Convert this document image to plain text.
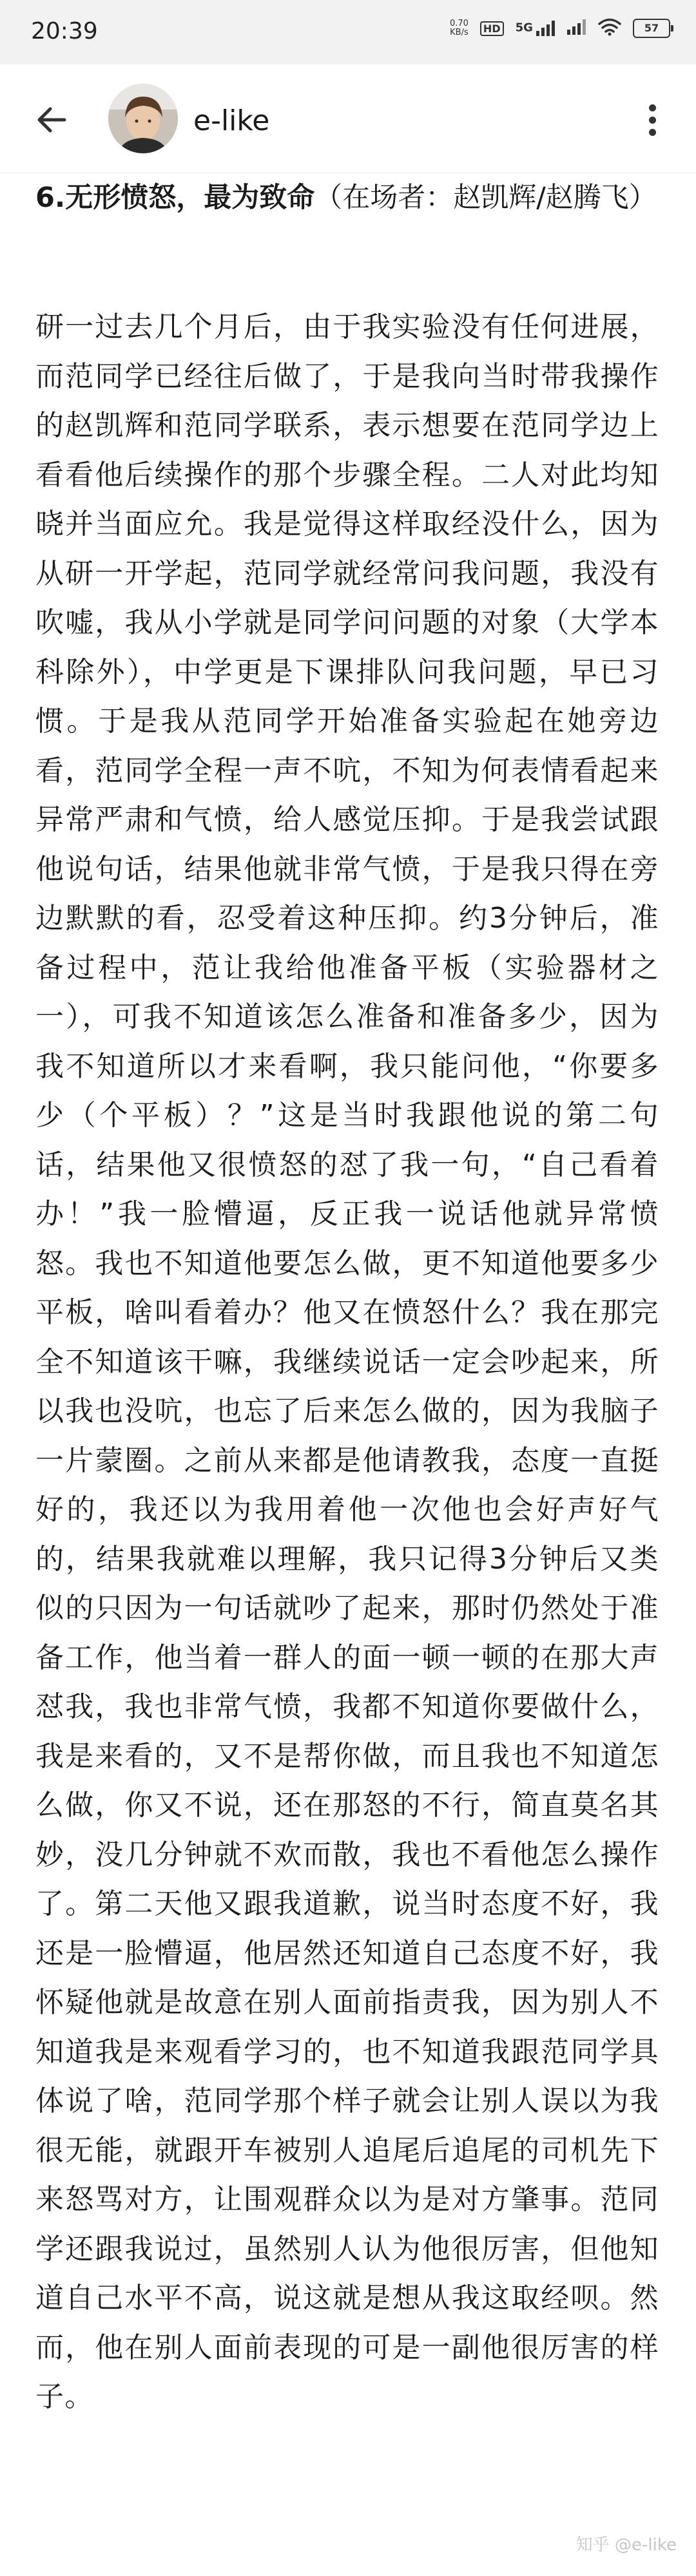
20:39	0.70
KB/s	HD 5G	57
e-like

6.无形愤怒，最为致命（在场者：赵凯辉/赵腾飞）

研一过去几个月后，由于我实验没有任何进展，而范同学已经往后做了，于是我向当时带我操作的赵凯辉和范同学联系，表示想要在范同学边上看看他后续操作的那个步骤全程。二人对此均知晓并当面应允。我是觉得这样取经没什么，因为从研一开学起，范同学就经常问我问题，我没有吹嘘，我从小学就是同学问问题的对象（大学本科除外），中学更是下课排队问我问题，早已习惯。于是我从范同学开始准备实验起在她旁边看，范同学全程一声不吭，不知为何表情看起来异常严肃和气愤，给人感觉压抑。于是我尝试跟他说句话，结果他就非常气愤，于是我只得在旁边默默的看，忍受着这种压抑。约3分钟后，准备过程中，范让我给他准备平板（实验器材之一），可我不知道该怎么准备和准备多少，因为我不知道所以才来看啊，我只能问他，“你要多少（个平板）？”这是当时我跟他说的第二句话，结果他又很愤怒的怼了我一句，“自己看着办！”我一脸懵逼，反正我一说话他就异常愤怒。我也不知道他要怎么做，更不知道他要多少平板，啥叫看着办？他又在愤怒什么？我在那完全不知道该干嘛，我继续说话一定会吵起来，所以我也没吭，也忘了后来怎么做的，因为我脑子一片蒙圈。之前从来都是他请教我，态度一直挺好的，我还以为我用着他一次他也会好声好气的，结果我就难以理解，我只记得3分钟后又类似的只因为一句话就吵了起来，那时仍然处于准备工作，他当着一群人的面一顿一顿的在那大声怼我，我也非常气愤，我都不知道你要做什么，我是来看的，又不是帮你做，而且我也不知道怎么做，你又不说，还在那怒的不行，简直莫名其妙，没几分钟就不欢而散，我也不看他怎么操作了。第二天他又跟我道歉，说当时态度不好，我还是一脸懵逼，他居然还知道自己态度不好，我怀疑他就是故意在别人面前指责我，因为别人不知道我是来观看学习的，也不知道我跟范同学具体说了啥，范同学那个样子就会让别人误以为我很无能，就跟开车被别人追尾后追尾的司机先下来怒骂对方，让围观群众以为是对方肇事。范同学还跟我说过，虽然别人认为他很厉害，但他知道自己水平不高，说这就是想从我这取经呗。然而，他在别人面前表现的可是一副他很厉害的样子。

知乎 @e-like
